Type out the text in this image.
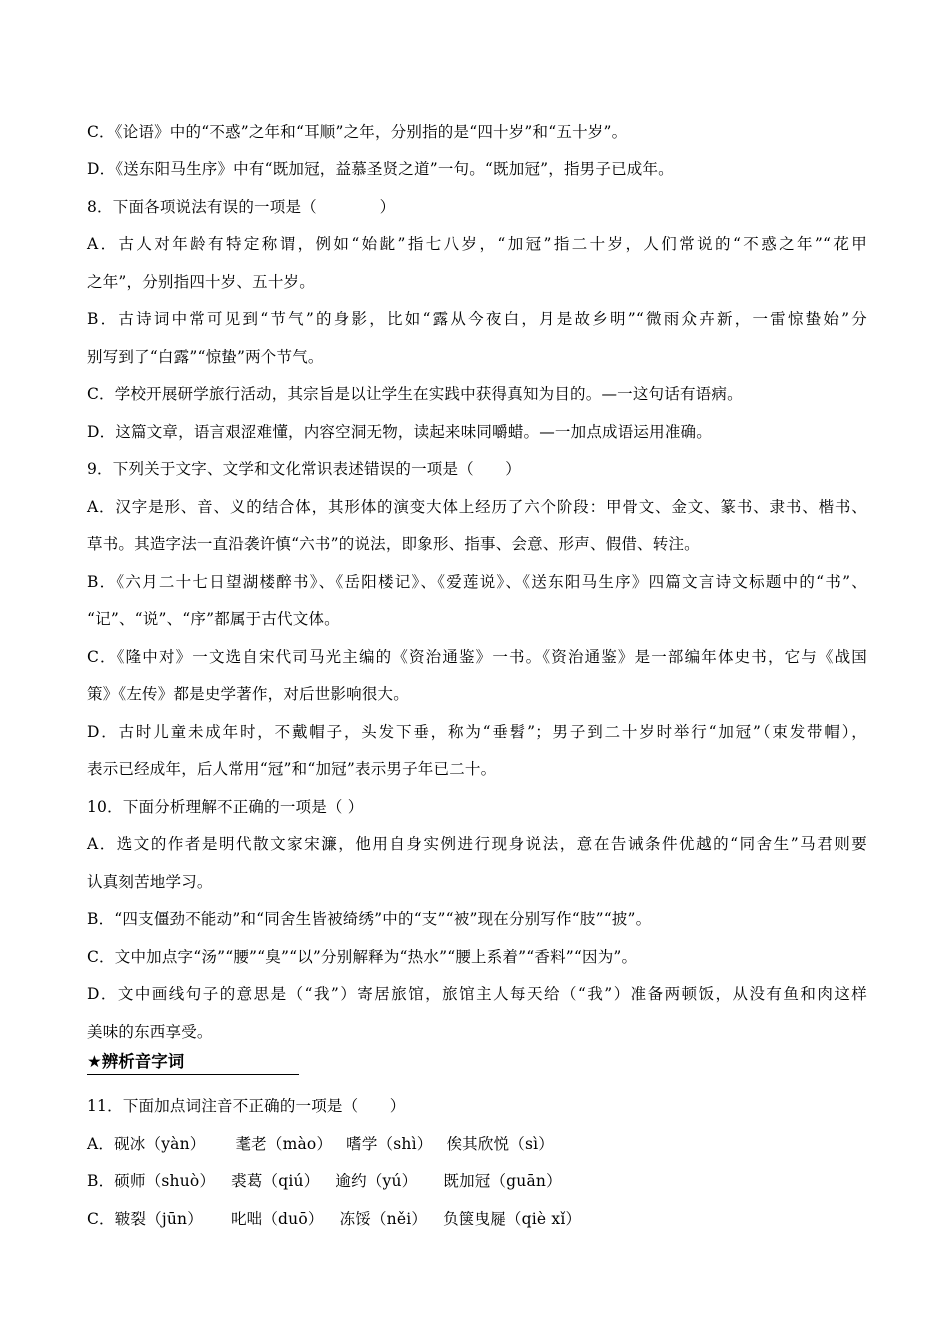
C．《论语》中的“不惑”之年和“耳顺”之年，分别指的是“四十岁”和“五十岁”。
D．《送东阳马生序》中有“既加冠，益慕圣贤之道”一句。“既加冠”，指男子已成年。
8．下面各项说法有误的一项是（　　　　）
A．古人对年龄有特定称谓，例如“始龀”指七八岁，“加冠”指二十岁，人们常说的“不惑之年”“花甲
之年”，分别指四十岁、五十岁。
B．古诗词中常可见到“节气”的身影，比如“露从今夜白，月是故乡明”“微雨众卉新，一雷惊蛰始”分
别写到了“白露”“惊蛰”两个节气。
C．学校开展研学旅行活动，其宗旨是以让学生在实践中获得真知为目的。—一这句话有语病。
D．这篇文章，语言艰涩难懂，内容空洞无物，读起来味同嚼蜡。—一加点成语运用准确。
9．下列关于文字、文学和文化常识表述错误的一项是（　　）
A．汉字是形、音、义的结合体，其形体的演变大体上经历了六个阶段：甲骨文、金文、篆书、隶书、楷书、
草书。其造字法一直沿袭许慎“六书”的说法，即象形、指事、会意、形声、假借、转注。
B．《六月二十七日望湖楼醉书》、《岳阳楼记》、《爱莲说》、《送东阳马生序》四篇文言诗文标题中的“书”、
“记”、“说”、“序”都属于古代文体。
C．《隆中对》一文选自宋代司马光主编的《资治通鉴》一书。《资治通鉴》是一部编年体史书，它与《战国
策》《左传》都是史学著作，对后世影响很大。
D．古时儿童未成年时，不戴帽子，头发下垂，称为“垂髫”；男子到二十岁时举行“加冠”（束发带帽），
表示已经成年，后人常用“冠”和“加冠”表示男子年已二十。
10．下面分析理解不正确的一项是（ ）
A．选文的作者是明代散文家宋濂，他用自身实例进行现身说法，意在告诫条件优越的“同舍生”马君则要
认真刻苦地学习。
B．“四支僵劲不能动”和“同舍生皆被绮绣”中的“支”“被”现在分别写作“肢”“披”。
C．文中加点字“汤”“腰”“臭”“以”分别解释为“热水”“腰上系着”“香料”“因为”。
D．文中画线句子的意思是（“我”）寄居旅馆，旅馆主人每天给（“我”）准备两顿饭，从没有鱼和肉这样
美味的东西享受。
★辨析音字词
11．下面加点词注音不正确的一项是（　　）
A．砚冰（yàn） 耄老（mào） 嗜学（shì） 俟其欣悦（sì）
B．硕师（shuò） 裘葛（qiú） 逾约（yú） 既加冠（guān）
C．皲裂（jūn） 叱咄（duō） 冻馁（něi） 负箧曳屣（qiè xǐ）
